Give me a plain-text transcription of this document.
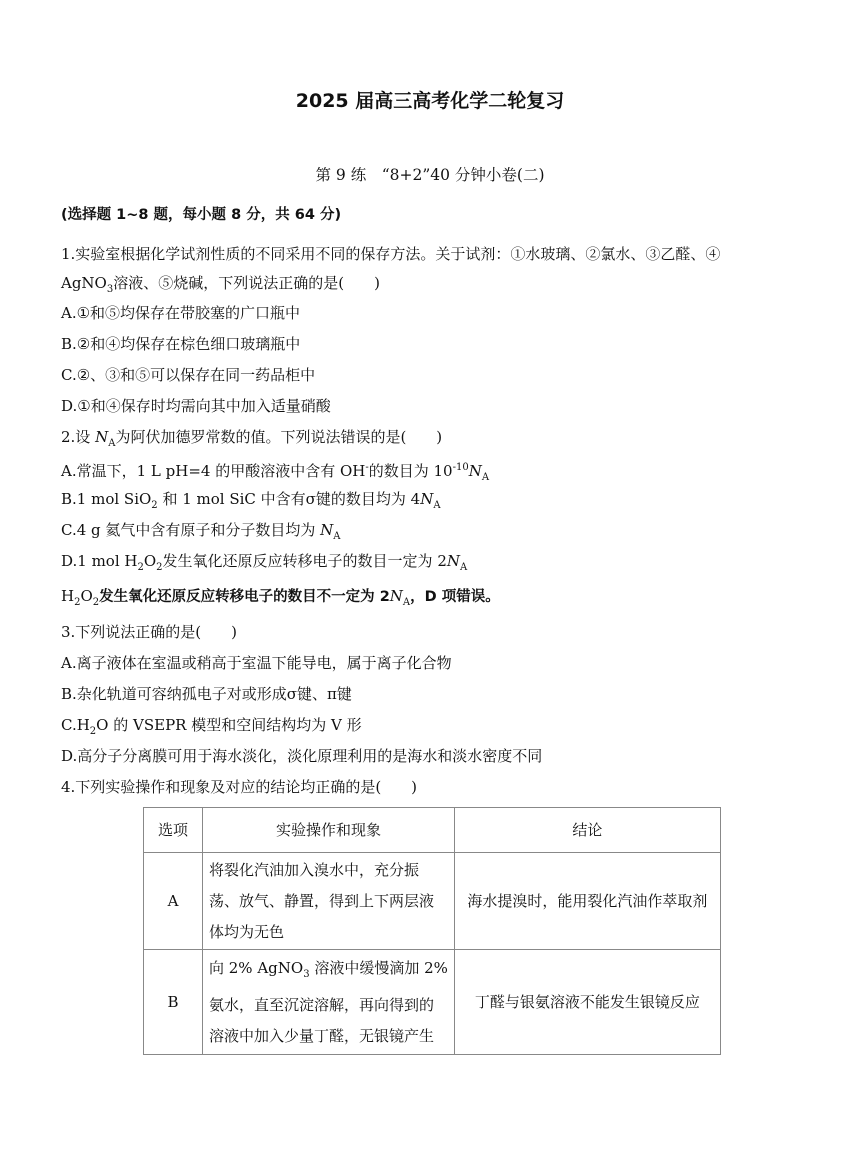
2025 届高三高考化学二轮复习
第 9 练　“8+2”40 分钟小卷(二)
(选择题 1~8 题，每小题 8 分，共 64 分)
1.实验室根据化学试剂性质的不同采用不同的保存方法。关于试剂：①水玻璃、②氯水、③乙醛、④
AgNO$_3$溶液、⑤烧碱，下列说法正确的是(　　)
A.①和⑤均保存在带胶塞的广口瓶中
B.②和④均保存在棕色细口玻璃瓶中
C.②、③和⑤可以保存在同一药品柜中
D.①和④保存时均需向其中加入适量硝酸
2.设 $N_A$为阿伏加德罗常数的值。下列说法错误的是(　　)
A.常温下，1 L pH=4 的甲酸溶液中含有 OH-的数目为 $10^{-10}N_A$
B.1 mol SiO$_2$ 和 1 mol SiC 中含有σ键的数目均为 $4N_A$
C.4 g 氦气中含有原子和分子数目均为 $N_A$
D.1 mol $H_2O_2$发生氧化还原反应转移电子的数目一定为 $2N_A$
$H_2O_2$发生氧化还原反应转移电子的数目不一定为 $2N_A$，D 项错误。
3.下列说法正确的是(　　)
A.离子液体在室温或稍高于室温下能导电，属于离子化合物
B.杂化轨道可容纳孤电子对或形成σ键、π键
$C.H_2O$ 的 VSEPR 模型和空间结构均为 V 形
D.高分子分离膜可用于海水淡化，淡化原理利用的是海水和淡水密度不同
4.下列实验操作和现象及对应的结论均正确的是(　　)
选项	实验操作和现象	结论
A	将裂化汽油加入溴水中，充分振
荡、放气、静置，得到上下两层液
体均为无色	海水提溴时，能用裂化汽油作萃取剂
B	向 2% AgNO$_3$ 溶液中缓慢滴加 2%
氨水，直至沉淀溶解，再向得到的
溶液中加入少量丁醛，无银镜产生	丁醛与银氨溶液不能发生银镜反应
